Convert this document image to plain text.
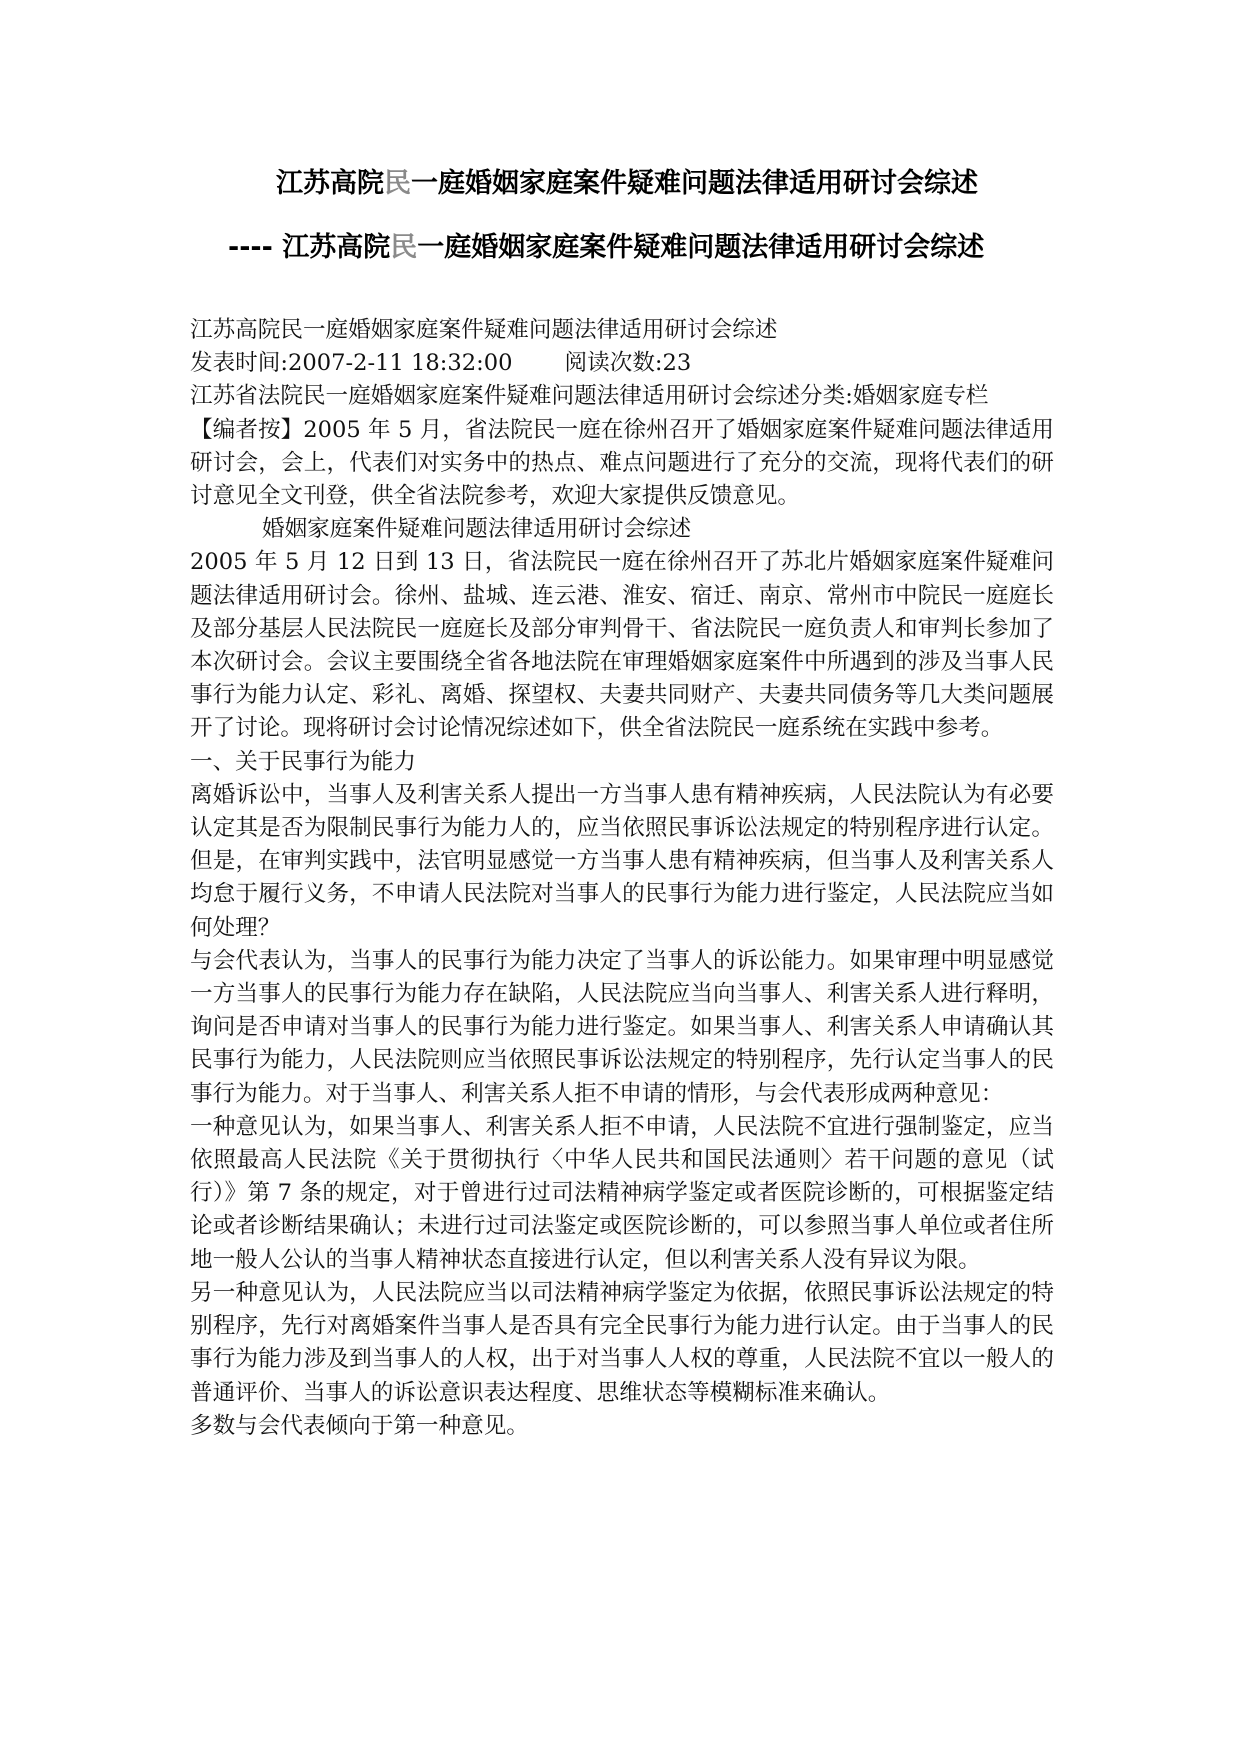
江苏高院民一庭婚姻家庭案件疑难问题法律适用研讨会综述
---- 江苏高院民一庭婚姻家庭案件疑难问题法律适用研讨会综述

江苏高院民一庭婚姻家庭案件疑难问题法律适用研讨会综述

发表时间:2007-2-11 18:32:00 阅读次数:23

江苏省法院民一庭婚姻家庭案件疑难问题法律适用研讨会综述分类:婚姻家庭专栏

【编者按】2005 年 5 月，省法院民一庭在徐州召开了婚姻家庭案件疑难问题法律适用研讨会，会上，代表们对实务中的热点、难点问题进行了充分的交流，现将代表们的研讨意见全文刊登，供全省法院参考，欢迎大家提供反馈意见。

婚姻家庭案件疑难问题法律适用研讨会综述

2005 年 5 月 12 日到 13 日，省法院民一庭在徐州召开了苏北片婚姻家庭案件疑难问题法律适用研讨会。徐州、盐城、连云港、淮安、宿迁、南京、常州市中院民一庭庭长及部分基层人民法院民一庭庭长及部分审判骨干、省法院民一庭负责人和审判长参加了本次研讨会。会议主要围绕全省各地法院在审理婚姻家庭案件中所遇到的涉及当事人民事行为能力认定、彩礼、离婚、探望权、夫妻共同财产、夫妻共同债务等几大类问题展开了讨论。现将研讨会讨论情况综述如下，供全省法院民一庭系统在实践中参考。

一、关于民事行为能力

离婚诉讼中，当事人及利害关系人提出一方当事人患有精神疾病，人民法院认为有必要认定其是否为限制民事行为能力人的，应当依照民事诉讼法规定的特别程序进行认定。但是，在审判实践中，法官明显感觉一方当事人患有精神疾病，但当事人及利害关系人均怠于履行义务，不申请人民法院对当事人的民事行为能力进行鉴定，人民法院应当如何处理？

与会代表认为，当事人的民事行为能力决定了当事人的诉讼能力。如果审理中明显感觉一方当事人的民事行为能力存在缺陷，人民法院应当向当事人、利害关系人进行释明，询问是否申请对当事人的民事行为能力进行鉴定。如果当事人、利害关系人申请确认其民事行为能力，人民法院则应当依照民事诉讼法规定的特别程序，先行认定当事人的民事行为能力。对于当事人、利害关系人拒不申请的情形，与会代表形成两种意见：

一种意见认为，如果当事人、利害关系人拒不申请，人民法院不宜进行强制鉴定，应当依照最高人民法院《关于贯彻执行〈中华人民共和国民法通则〉若干问题的意见（试行）》第 7 条的规定，对于曾进行过司法精神病学鉴定或者医院诊断的，可根据鉴定结论或者诊断结果确认；未进行过司法鉴定或医院诊断的，可以参照当事人单位或者住所地一般人公认的当事人精神状态直接进行认定，但以利害关系人没有异议为限。

另一种意见认为，人民法院应当以司法精神病学鉴定为依据，依照民事诉讼法规定的特别程序，先行对离婚案件当事人是否具有完全民事行为能力进行认定。由于当事人的民事行为能力涉及到当事人的人权，出于对当事人人权的尊重，人民法院不宜以一般人的普通评价、当事人的诉讼意识表达程度、思维状态等模糊标准来确认。

多数与会代表倾向于第一种意见。
